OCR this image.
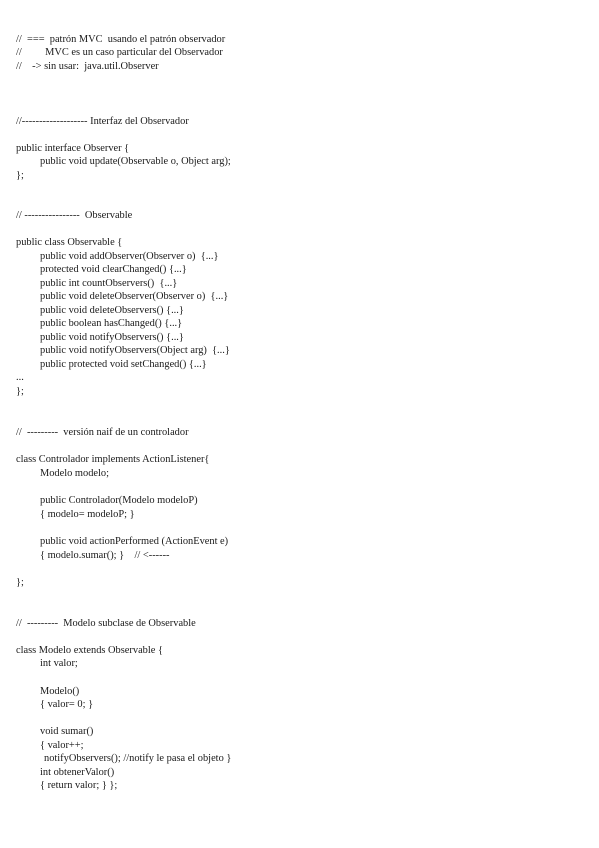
//  ===  patrón MVC  usando el patrón observador
//         MVC es un caso particular del Observador
//    -> sin usar:  java.util.Observer
//------------------- Interfaz del Observador
public interface Observer {
public void update(Observable o, Object arg);
};
// ----------------  Observable
public class Observable {
public void addObserver(Observer o)  {...}
protected void clearChanged() {...}
public int countObservers()  {...}
public void deleteObserver(Observer o)  {...}
public void deleteObservers() {...}
public boolean hasChanged() {...}
public void notifyObservers() {...}
public void notifyObservers(Object arg)  {...}
public protected void setChanged() {...}
...
};
//  ---------  versión naif de un controlador
class Controlador implements ActionListener{
Modelo modelo;
public Controlador(Modelo modeloP)
{ modelo= modeloP; }
public void actionPerformed (ActionEvent e)
{ modelo.sumar(); }    // <------
};
//  ---------  Modelo subclase de Observable
class Modelo extends Observable {
int valor;
Modelo()
{ valor= 0; }
void sumar()
{ valor++;
notifyObservers(); //notify le pasa el objeto }
int obtenerValor()
{ return valor; } };
